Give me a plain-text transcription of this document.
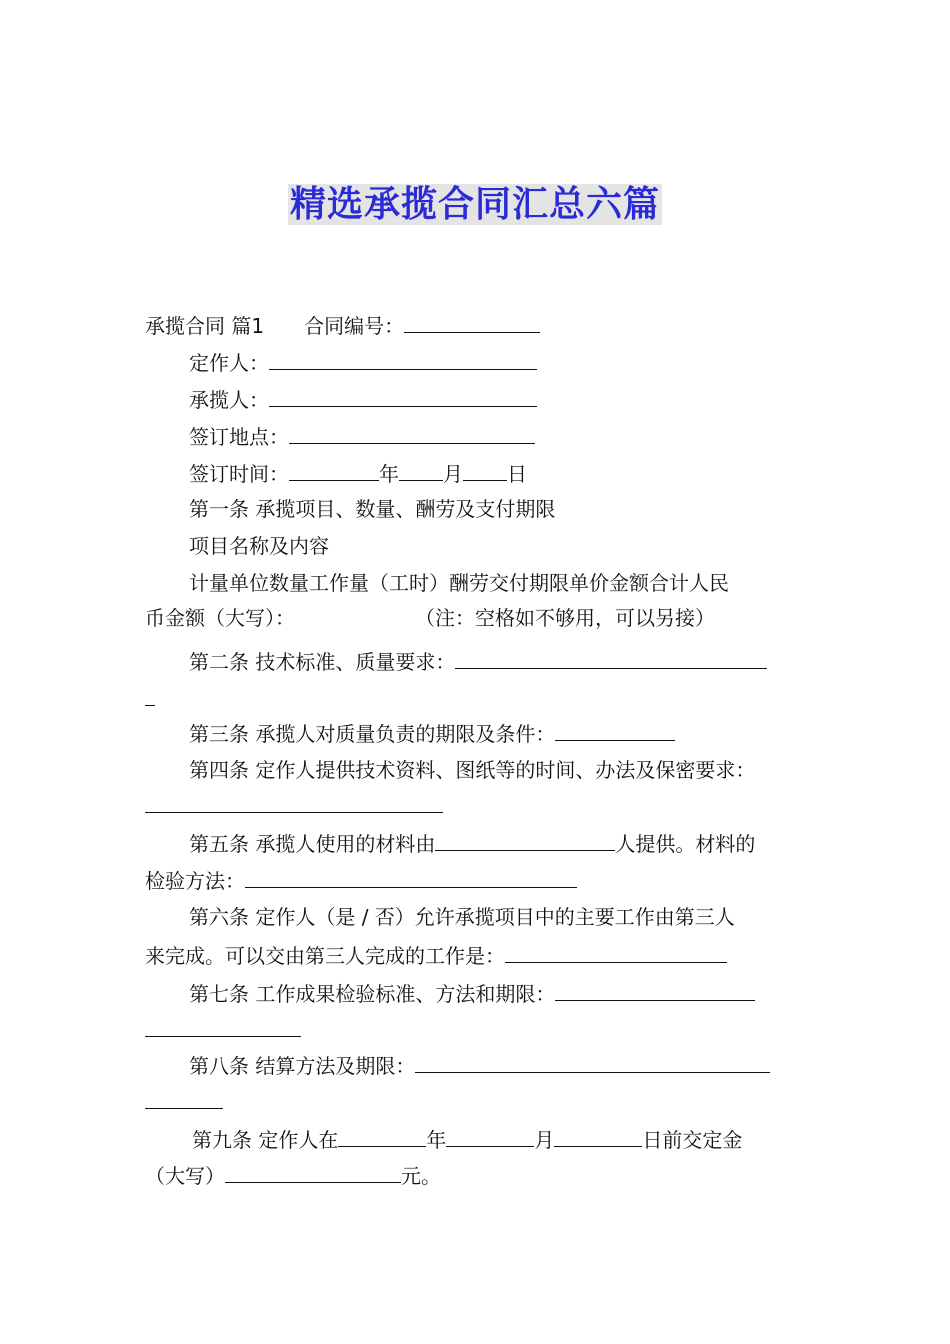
精选承揽合同汇总六篇
承揽合同 篇1 合同编号：
定作人：
承揽人：
签订地点：
签订时间：	年 月 日
第一条 承揽项目、数量、酬劳及支付期限
项目名称及内容
计量单位数量工作量（工时）酬劳交付期限单价金额合计人民
币金额（大写）：	（注：空格如不够用，可以另接）
第二条 技术标准、质量要求：
第三条 承揽人对质量负责的期限及条件：
第四条 定作人提供技术资料、图纸等的时间、办法及保密要求：
第五条 承揽人使用的材料由	人提供。材料的
检验方法：
第六条 定作人（是 / 否）允许承揽项目中的主要工作由第三人
来完成。可以交由第三人完成的工作是：
第七条 工作成果检验标准、方法和期限：
第八条 结算方法及期限：
第九条 定作人在	年	月	日前交定金
（大写）	元。
